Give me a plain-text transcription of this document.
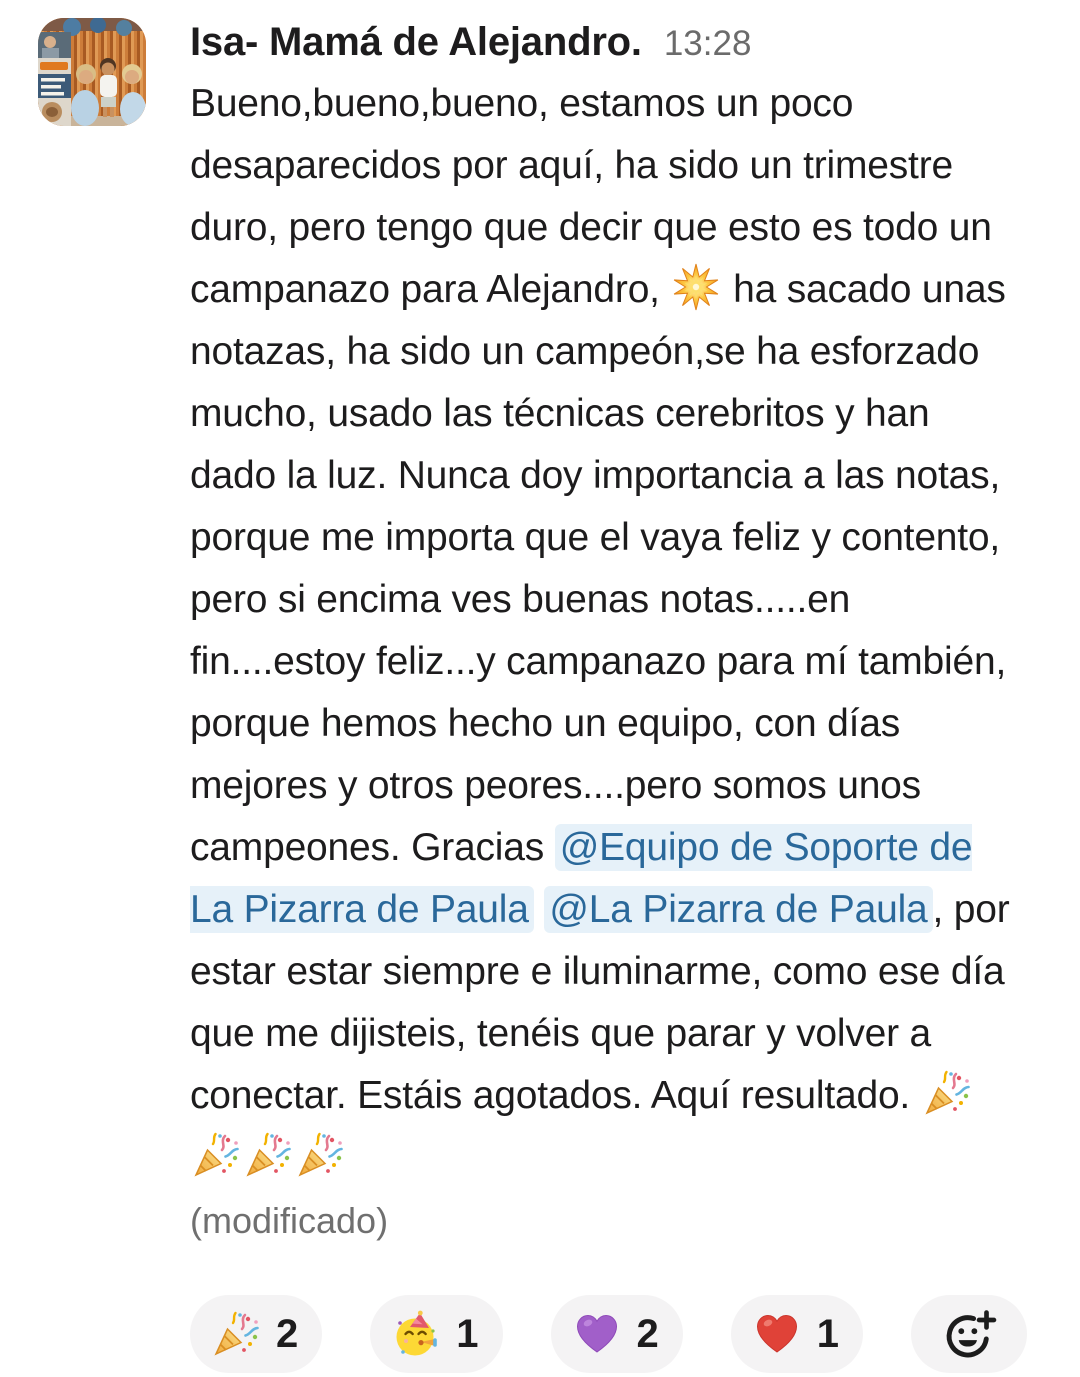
Isa- Mamá de Alejandro. 13:28
Bueno,bueno,bueno, estamos un poco desaparecidos por aquí, ha sido un trimestre duro, pero tengo que decir que esto es todo un campanazo para Alejandro,  ha sacado unas notazas, ha sido un campeón,se ha esforzado mucho, usado las técnicas cerebritos y han dado la luz. Nunca doy importancia a las notas, porque me importa que el vaya feliz y contento, pero si encima ves buenas notas.....en fin....estoy feliz...y campanazo para mí también, porque hemos hecho un equipo, con días mejores y otros peores....pero somos unos campeones. Gracias @Equipo de Soporte de La Pizarra de Paula @La Pizarra de Paula , por estar estar siempre e iluminarme, como ese día que me dijisteis, tenéis que parar y volver a conectar. Estáis agotados. Aquí resultado.
(modificado)
2	1	2	1
